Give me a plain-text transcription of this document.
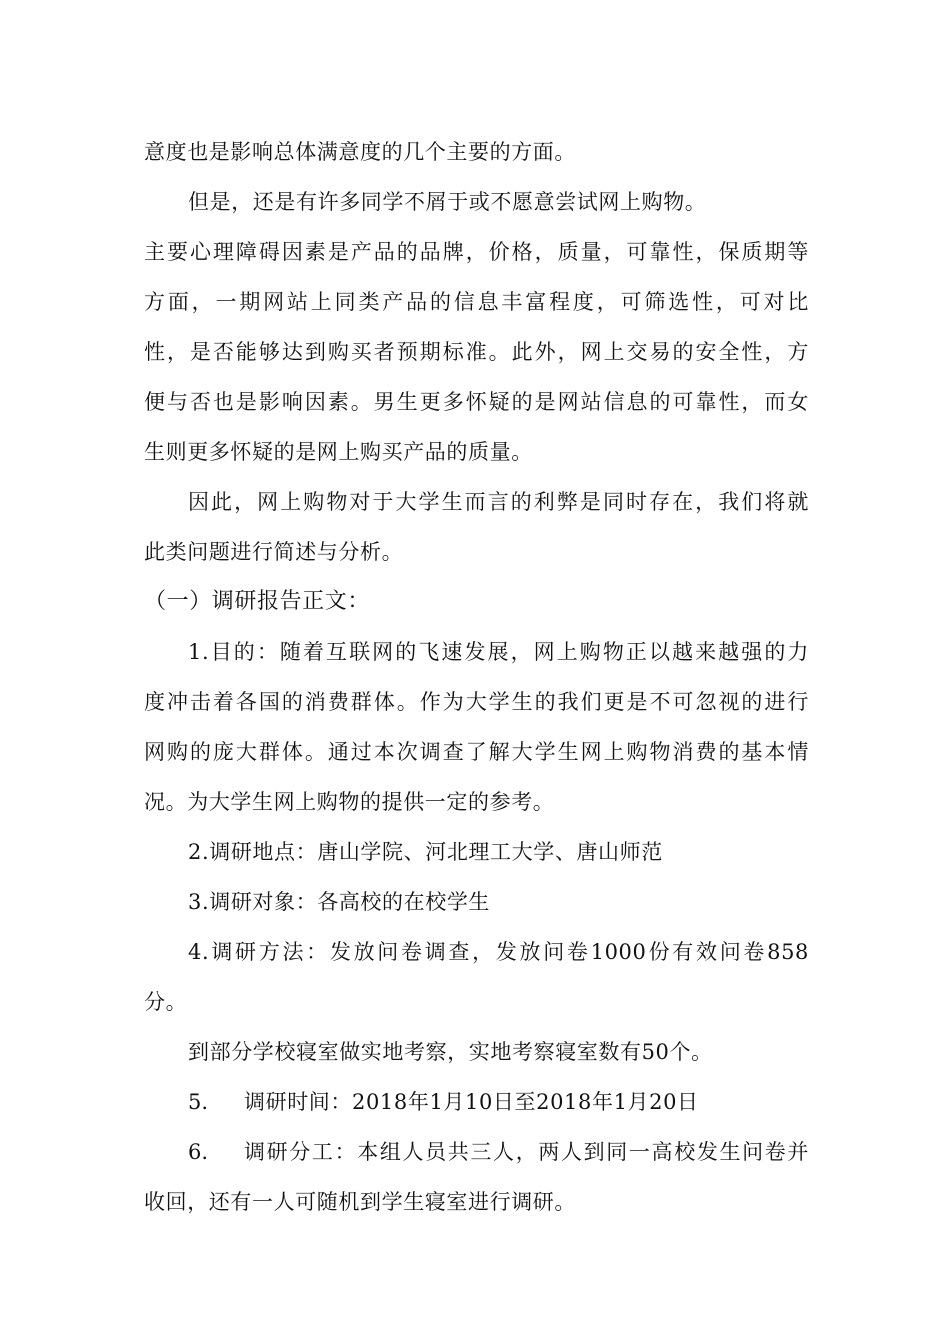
意度也是影响总体满意度的几个主要的方面。
但是，还是有许多同学不屑于或不愿意尝试网上购物。
主要心理障碍因素是产品的品牌，价格，质量，可靠性，保质期等
方面，一期网站上同类产品的信息丰富程度，可筛选性，可对比
性，是否能够达到购买者预期标准。此外，网上交易的安全性，方
便与否也是影响因素。男生更多怀疑的是网站信息的可靠性，而女
生则更多怀疑的是网上购买产品的质量。
因此，网上购物对于大学生而言的利弊是同时存在，我们将就
此类问题进行简述与分析。
（一）调研报告正文：
1.目的：随着互联网的飞速发展，网上购物正以越来越强的力
度冲击着各国的消费群体。作为大学生的我们更是不可忽视的进行
网购的庞大群体。通过本次调查了解大学生网上购物消费的基本情
况。为大学生网上购物的提供一定的参考。
2.调研地点：唐山学院、河北理工大学、唐山师范
3.调研对象：各高校的在校学生
4.调研方法：发放问卷调查，发放问卷1000份有效问卷858
分。
到部分学校寝室做实地考察，实地考察寝室数有50个。
5. 调研时间：2018年1月10日至2018年1月20日
6. 调研分工：本组人员共三人，两人到同一高校发生问卷并
收回，还有一人可随机到学生寝室进行调研。
